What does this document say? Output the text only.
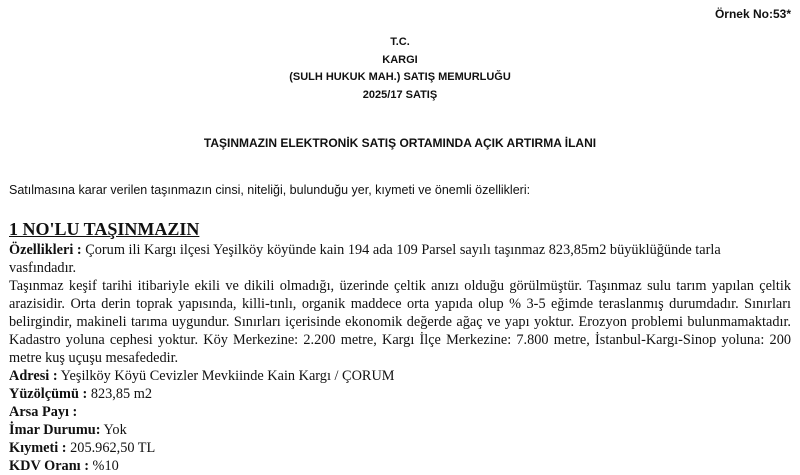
Örnek No:53*
T.C.
KARGI
(SULH HUKUK MAH.) SATIŞ MEMURLUĞU
2025/17 SATIŞ
TAŞINMAZIN ELEKTRONİK SATIŞ ORTAMINDA AÇIK ARTIRMA İLANI
Satılmasına karar verilen taşınmazın cinsi, niteliği, bulunduğu yer, kıymeti ve önemli özellikleri:
1 NO'LU TAŞINMAZIN
Özellikleri : Çorum ili Kargı ilçesi Yeşilköy köyünde kain 194 ada 109 Parsel sayılı taşınmaz 823,85m2 büyüklüğünde tarla vasfındadır.

Taşınmaz keşif tarihi itibariyle ekili ve dikili olmadığı, üzerinde çeltik anızı olduğu görülmüştür. Taşınmaz sulu tarım yapılan çeltik arazisidir. Orta derin toprak yapısında, killi-tınlı, organik maddece orta yapıda olup % 3-5 eğimde teraslanmış durumdadır. Sınırları belirgindir, makineli tarıma uygundur. Sınırları içerisinde ekonomik değerde ağaç ve yapı yoktur. Erozyon problemi bulunmamaktadır. Kadastro yoluna cephesi yoktur. Köy Merkezine: 2.200 metre, Kargı İlçe Merkezine: 7.800 metre, İstanbul-Kargı-Sinop yoluna: 200 metre kuş uçuşu mesafededir.

Adresi : Yeşilköy Köyü Cevizler Mevkiinde Kain Kargı / ÇORUM
Yüzölçümü : 823,85 m2
Arsa Payı :
İmar Durumu: Yok
Kıymeti : 205.962,50 TL
KDV Oranı : %10
